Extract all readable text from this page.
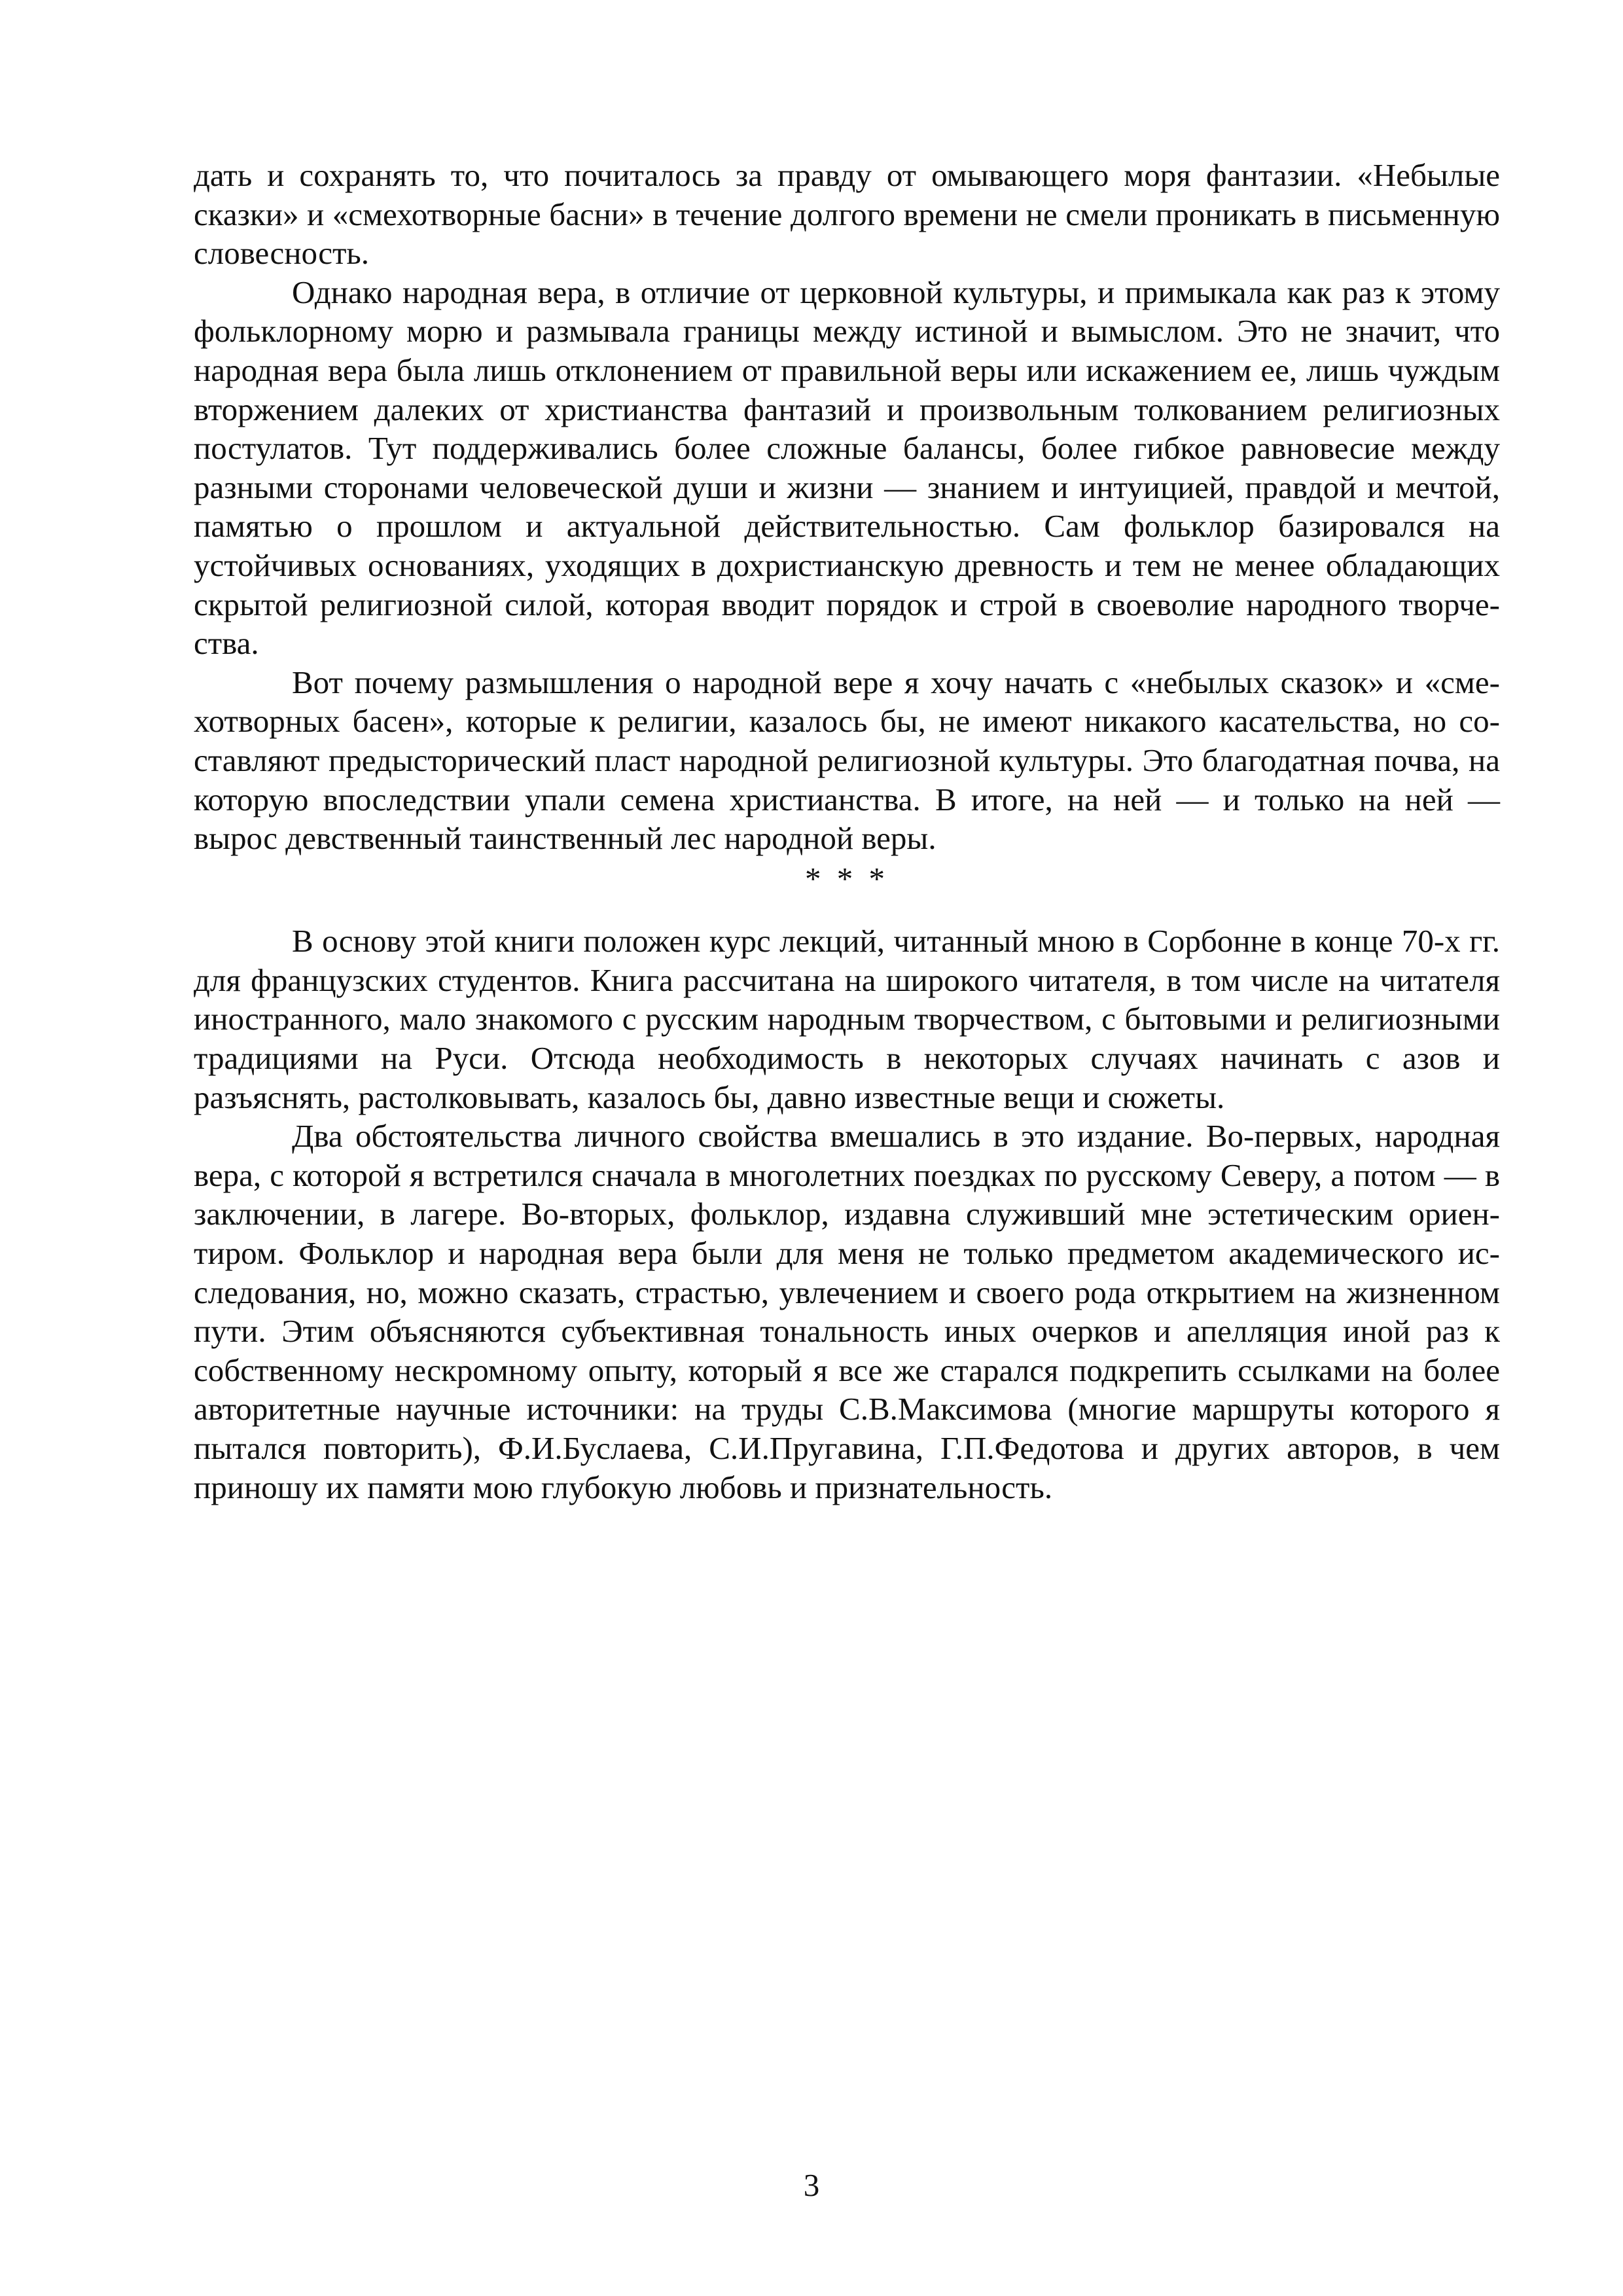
дать и сохранять то, что почиталось за правду от омывающего моря фантазии. «Небылые сказки» и «смехотворные басни» в течение долгого времени не смели проникать в письменную словесность.

Однако народная вера, в отличие от церковной культуры, и примыкала как раз к этому фольклорному морю и размывала границы между истиной и вымыслом. Это не значит, что народная вера была лишь отклонением от правильной веры или искажением ее, лишь чуждым вторжением далеких от христианства фантазий и произвольным толкованием религиозных постулатов. Тут поддерживались более сложные балансы, более гибкое равновесие между разными сторонами человеческой души и жизни — знанием и интуицией, правдой и мечтой, памятью о прошлом и актуальной действительностью. Сам фольклор базировался на устойчивых основаниях, уходящих в дохристианскую древность и тем не менее обладающих скрытой религиозной силой, которая вводит порядок и строй в своеволие народного творчества.

Вот почему размышления о народной вере я хочу начать с «небылых сказок» и «смехотворных басен», которые к религии, казалось бы, не имеют никакого касательства, но составляют предысторический пласт народной религиозной культуры. Это благодатная почва, на которую впоследствии упали семена христианства. В итоге, на ней — и только на ней — вырос девственный таинственный лес народной веры.

* * *

В основу этой книги положен курс лекций, читанный мною в Сорбонне в конце 70-х гг. для французских студентов. Книга рассчитана на широкого читателя, в том числе на читателя иностранного, мало знакомого с русским народным творчеством, с бытовыми и религиозными традициями на Руси. Отсюда необходимость в некоторых случаях начинать с азов и разъяснять, растолковывать, казалось бы, давно известные вещи и сюжеты.

Два обстоятельства личного свойства вмешались в это издание. Во-первых, народная вера, с которой я встретился сначала в многолетних поездках по русскому Северу, а потом — в заключении, в лагере. Во-вторых, фольклор, издавна служивший мне эстетическим ориентиром. Фольклор и народная вера были для меня не только предметом академического исследования, но, можно сказать, страстью, увлечением и своего рода открытием на жизненном пути. Этим объясняются субъективная тональность иных очерков и апелляция иной раз к собственному нескромному опыту, который я все же старался подкрепить ссылками на более авторитетные научные источники: на труды С.В.Максимова (многие маршруты которого я пытался повторить), Ф.И.Буслаева, С.И.Пругавина, Г.П.Федотова и других авторов, в чем приношу их памяти мою глубокую любовь и признательность.

3
